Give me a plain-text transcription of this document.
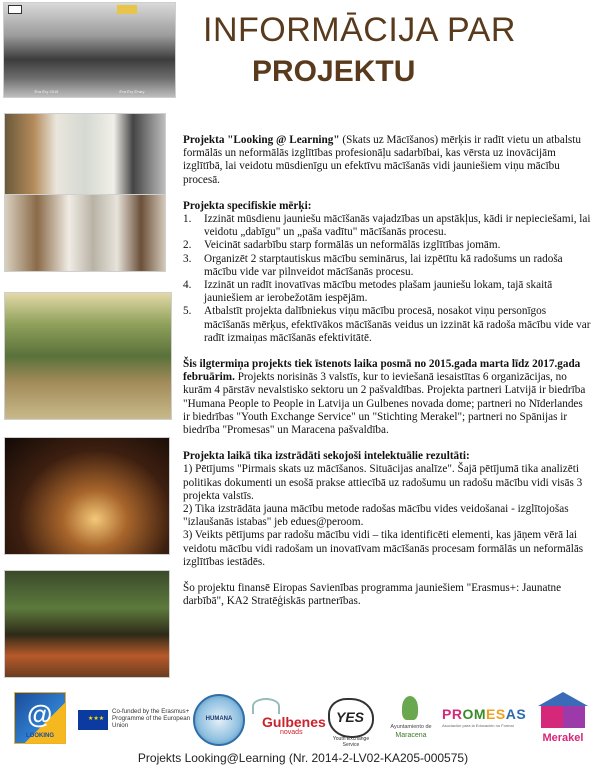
Ёта Ёгу 2015	Ёта Ёгу Ётагу
INFORMĀCIJA PAR
PROJEKTU

Projekta "Looking @ Learning" (Skats uz Mācīšanos) mērķis ir radīt vietu un atbalstu formālās un neformālās izglītības profesionāļu sadarbībai, kas vērsta uz inovācijām izglītībā, lai veidotu mūsdienīgu un efektīvu mācīšanās vidi jauniešiem viņu mācību procesā.

Projekta specifiskie mērķi:

1.	Izzināt mūsdienu jauniešu mācīšanās vajadzības un apstākļus, kādi ir nepieciešami, lai veidotu „dabīgu" un „paša vadītu" mācīšanās procesu.
2.	Veicināt sadarbību starp formālās un neformālās izglītības jomām.
3.	Organizēt 2 starptautiskus mācību seminārus, lai izpētītu kā radošums un radoša mācību vide var pilnveidot mācīšanās procesu.
4.	Izzināt un radīt inovatīvas mācību metodes plašam jauniešu lokam, tajā skaitā jauniešiem ar ierobežotām iespējām.
5.	Atbalstīt projekta dalībniekus viņu mācību procesā, nosakot viņu personīgos mācīšanās mērķus, efektīvākos mācīšanās veidus un izzināt kā radoša mācību vide var radīt izmaiņas mācīšanās efektivitātē.

Šis ilgtermiņa projekts tiek īstenots laika posmā no 2015.gada marta līdz 2017.gada februārim. Projekts norisinās 3 valstīs, kur to ieviešanā iesaistītas 6 organizācijas, no kurām 4 pārstāv nevalstisko sektoru un 2 pašvaldības. Projekta partneri Latvijā ir biedrība "Humana People to People in Latvija un Gulbenes novada dome; partneri no Nīderlandes ir biedrības "Youth Exchange Service" un "Stichting Merakel"; partneri no Spānijas ir biedrība "Promesas" un Maracena pašvaldība.

Projekta laikā tika izstrādāti sekojoši intelektuālie rezultāti:

1) Pētījums "Pirmais skats uz mācīšanos. Situācijas analīze". Šajā pētījumā tika analizēti politikas dokumenti un esošā prakse attiecībā uz radošumu un radošu mācību vidi visās 3 projekta valstīs.

2) Tika izstrādāta jauna mācību metode radošas mācību vides veidošanai - izglītojošas "izlaušanās istabas" jeb edues@peroom.

3) Veikts pētījums par radošu mācību vidi – tika identificēti elementi, kas jāņem vērā lai veidotu mācību vidi radošam un inovatīvam mācīšanās procesam formālās un neformālās izglītības iestādēs.

Šo projektu finansē Eiropas Savienības programma jauniešiem "Erasmus+: Jaunatne darbībā", KA2 Stratēģiskās partnerības.

@
LOOKING
★★★
Co-funded by the Erasmus+ Programme of the European Union
HUMANA	Gulbenes
novads
YES
Youth Exchange Service
Ayuntamiento de
Maracena
PROMESAS
Asociación para la Educación no Formal
Merakel
Projekts Looking@Learning (Nr. 2014-2-LV02-KA205-000575)
